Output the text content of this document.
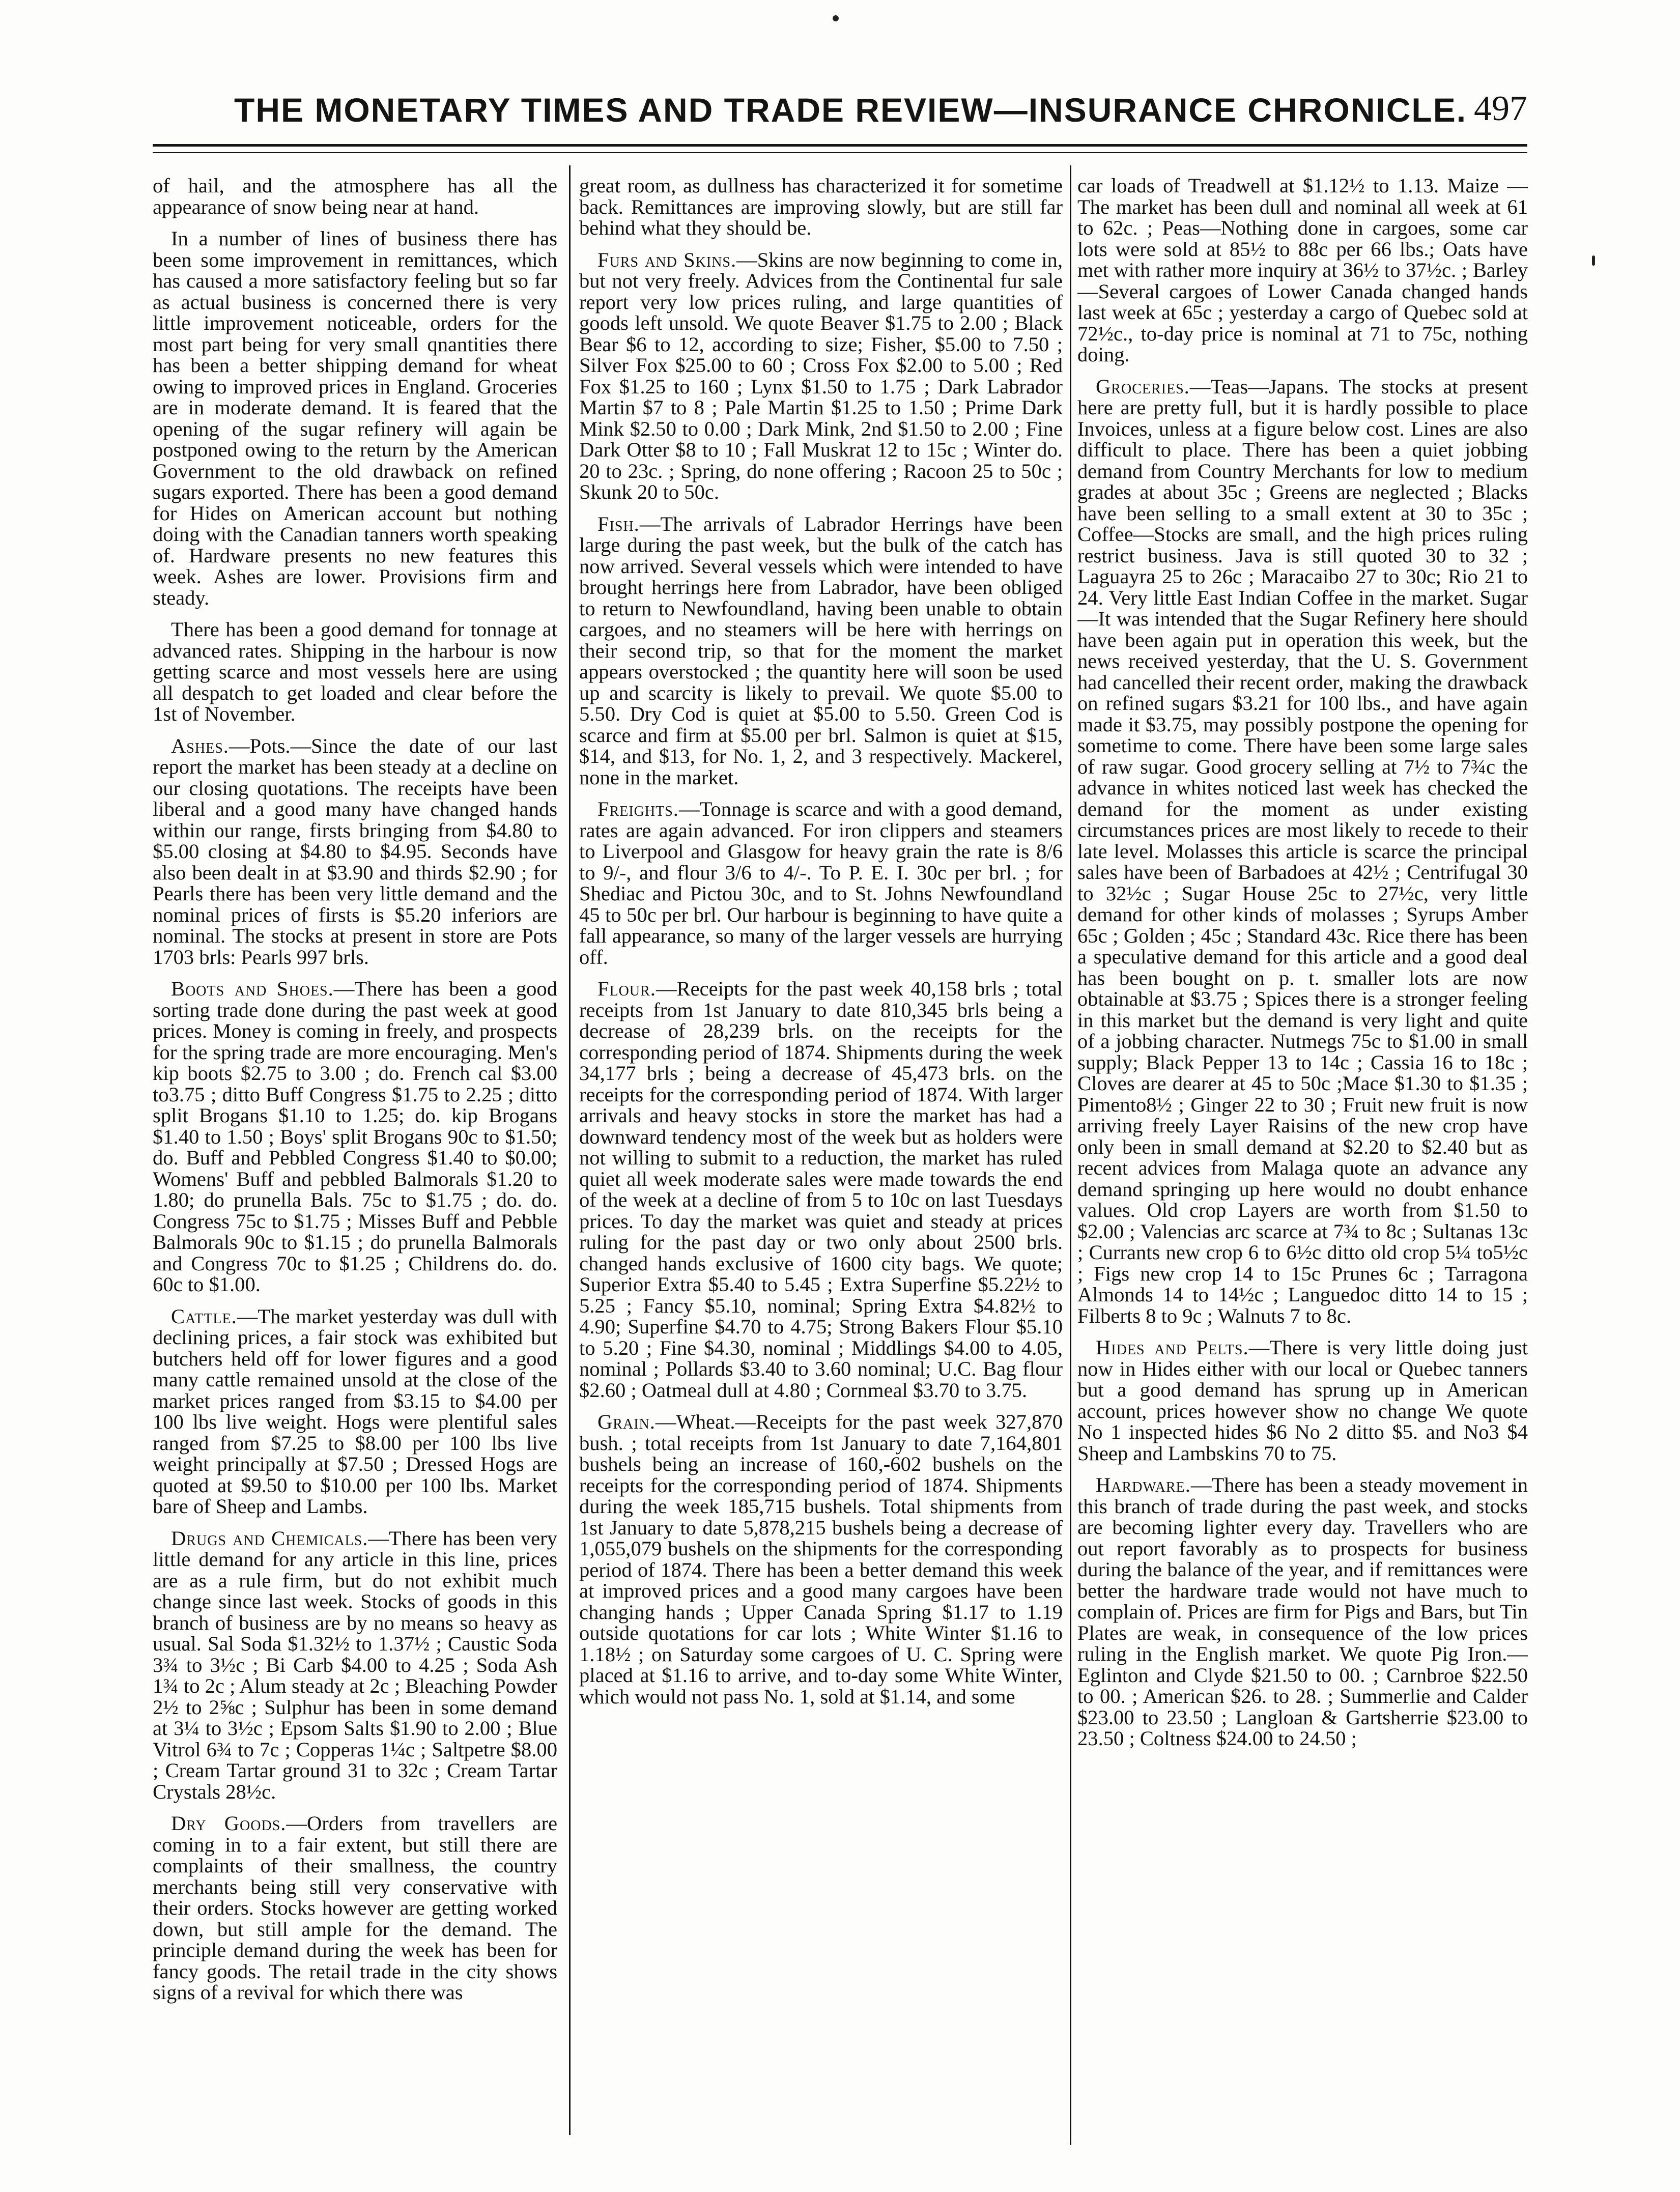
THE MONETARY TIMES AND TRADE REVIEW—INSURANCE CHRONICLE. 497

of hail, and the atmosphere has all the appearance of snow being near at hand.

In a number of lines of business there has been some improvement in remittances, which has caused a more satisfactory feeling but so far as actual business is concerned there is very little improvement noticeable, orders for the most part being for very small qnantities there has been a better shipping demand for wheat owing to improved prices in England. Groceries are in moderate demand. It is feared that the opening of the sugar refinery will again be postponed owing to the return by the American Government to the old drawback on refined sugars exported. There has been a good demand for Hides on American account but nothing doing with the Canadian tanners worth speaking of. Hardware presents no new features this week. Ashes are lower. Provisions firm and steady.

There has been a good demand for tonnage at advanced rates. Shipping in the harbour is now getting scarce and most vessels here are using all despatch to get loaded and clear before the 1st of November.

Ashes.—Pots.—Since the date of our last report the market has been steady at a decline on our closing quotations. The receipts have been liberal and a good many have changed hands within our range, firsts bringing from $4.80 to $5.00 closing at $4.80 to $4.95. Seconds have also been dealt in at $3.90 and thirds $2.90 ; for Pearls there has been very little demand and the nominal prices of firsts is $5.20 inferiors are nominal. The stocks at present in store are Pots 1703 brls: Pearls 997 brls.

Boots and Shoes.—There has been a good sorting trade done during the past week at good prices. Money is coming in freely, and prospects for the spring trade are more encouraging. Men's kip boots $2.75 to 3.00 ; do. French cal $3.00 to3.75 ; ditto Buff Congress $1.75 to 2.25 ; ditto split Brogans $1.10 to 1.25; do. kip Brogans $1.40 to 1.50 ; Boys' split Brogans 90c to $1.50; do. Buff and Pebbled Congress $1.40 to $0.00; Womens' Buff and pebbled Balmorals $1.20 to 1.80; do prunella Bals. 75c to $1.75 ; do. do. Congress 75c to $1.75 ; Misses Buff and Pebble Balmorals 90c to $1.15 ; do prunella Balmorals and Congress 70c to $1.25 ; Childrens do. do. 60c to $1.00.

Cattle.—The market yesterday was dull with declining prices, a fair stock was exhibited but butchers held off for lower figures and a good many cattle remained unsold at the close of the market prices ranged from $3.15 to $4.00 per 100 lbs live weight. Hogs were plentiful sales ranged from $7.25 to $8.00 per 100 lbs live weight principally at $7.50 ; Dressed Hogs are quoted at $9.50 to $10.00 per 100 lbs. Market bare of Sheep and Lambs.

Drugs and Chemicals.—There has been very little demand for any article in this line, prices are as a rule firm, but do not exhibit much change since last week. Stocks of goods in this branch of business are by no means so heavy as usual. Sal Soda $1.32½ to 1.37½ ; Caustic Soda 3¾ to 3½c ; Bi Carb $4.00 to 4.25 ; Soda Ash 1¾ to 2c ; Alum steady at 2c ; Bleaching Powder 2½ to 2⅝c ; Sulphur has been in some demand at 3¼ to 3½c ; Epsom Salts $1.90 to 2.00 ; Blue Vitrol 6¾ to 7c ; Copperas 1¼c ; Saltpetre $8.00 ; Cream Tartar ground 31 to 32c ; Cream Tartar Crystals 28½c.

Dry Goods.—Orders from travellers are coming in to a fair extent, but still there are complaints of their smallness, the country merchants being still very conservative with their orders. Stocks however are getting worked down, but still ample for the demand. The principle demand during the week has been for fancy goods. The retail trade in the city shows signs of a revival for which there was

great room, as dullness has characterized it for sometime back. Remittances are improving slowly, but are still far behind what they should be.

Furs and Skins.—Skins are now beginning to come in, but not very freely. Advices from the Continental fur sale report very low prices ruling, and large quantities of goods left unsold. We quote Beaver $1.75 to 2.00 ; Black Bear $6 to 12, according to size; Fisher, $5.00 to 7.50 ; Silver Fox $25.00 to 60 ; Cross Fox $2.00 to 5.00 ; Red Fox $1.25 to 160 ; Lynx $1.50 to 1.75 ; Dark Labrador Martin $7 to 8 ; Pale Martin $1.25 to 1.50 ; Prime Dark Mink $2.50 to 0.00 ; Dark Mink, 2nd $1.50 to 2.00 ; Fine Dark Otter $8 to 10 ; Fall Muskrat 12 to 15c ; Winter do. 20 to 23c. ; Spring, do none offering ; Racoon 25 to 50c ; Skunk 20 to 50c.

Fish.—The arrivals of Labrador Herrings have been large during the past week, but the bulk of the catch has now arrived. Several vessels which were intended to have brought herrings here from Labrador, have been obliged to return to Newfoundland, having been unable to obtain cargoes, and no steamers will be here with herrings on their second trip, so that for the moment the market appears overstocked ; the quantity here will soon be used up and scarcity is likely to prevail. We quote $5.00 to 5.50. Dry Cod is quiet at $5.00 to 5.50. Green Cod is scarce and firm at $5.00 per brl. Salmon is quiet at $15, $14, and $13, for No. 1, 2, and 3 respectively. Mackerel, none in the market.

Freights.—Tonnage is scarce and with a good demand, rates are again advanced. For iron clippers and steamers to Liverpool and Glasgow for heavy grain the rate is 8/6 to 9/-, and flour 3/6 to 4/-. To P. E. I. 30c per brl. ; for Shediac and Pictou 30c, and to St. Johns Newfoundland 45 to 50c per brl. Our harbour is beginning to have quite a fall appearance, so many of the larger vessels are hurrying off.

Flour.—Receipts for the past week 40,158 brls ; total receipts from 1st January to date 810,345 brls being a decrease of 28,239 brls. on the receipts for the corresponding period of 1874. Shipments during the week 34,177 brls ; being a decrease of 45,473 brls. on the receipts for the corresponding period of 1874. With larger arrivals and heavy stocks in store the market has had a downward tendency most of the week but as holders were not willing to submit to a reduction, the market has ruled quiet all week moderate sales were made towards the end of the week at a decline of from 5 to 10c on last Tuesdays prices. To day the market was quiet and steady at prices ruling for the past day or two only about 2500 brls. changed hands exclusive of 1600 city bags. We quote; Superior Extra $5.40 to 5.45 ; Extra Superfine $5.22½ to 5.25 ; Fancy $5.10, nominal; Spring Extra $4.82½ to 4.90; Superfine $4.70 to 4.75; Strong Bakers Flour $5.10 to 5.20 ; Fine $4.30, nominal ; Middlings $4.00 to 4.05, nominal ; Pollards $3.40 to 3.60 nominal; U.C. Bag flour $2.60 ; Oatmeal dull at 4.80 ; Cornmeal $3.70 to 3.75.

Grain.—Wheat.—Receipts for the past week 327,870 bush. ; total receipts from 1st January to date 7,164,801 bushels being an increase of 160,-602 bushels on the receipts for the corresponding period of 1874. Shipments during the week 185,715 bushels. Total shipments from 1st January to date 5,878,215 bushels being a decrease of 1,055,079 bushels on the shipments for the corresponding period of 1874. There has been a better demand this week at improved prices and a good many cargoes have been changing hands ; Upper Canada Spring $1.17 to 1.19 outside quotations for car lots ; White Winter $1.16 to 1.18½ ; on Saturday some cargoes of U. C. Spring were placed at $1.16 to arrive, and to-day some White Winter, which would not pass No. 1, sold at $1.14, and some

car loads of Treadwell at $1.12½ to 1.13. Maize —The market has been dull and nominal all week at 61 to 62c. ; Peas—Nothing done in cargoes, some car lots were sold at 85½ to 88c per 66 lbs.; Oats have met with rather more inquiry at 36½ to 37½c. ; Barley—Several cargoes of Lower Canada changed hands last week at 65c ; yesterday a cargo of Quebec sold at 72½c., to-day price is nominal at 71 to 75c, nothing doing.

Groceries.—Teas—Japans. The stocks at present here are pretty full, but it is hardly possible to place Invoices, unless at a figure below cost. Lines are also difficult to place. There has been a quiet jobbing demand from Country Merchants for low to medium grades at about 35c ; Greens are neglected ; Blacks have been selling to a small extent at 30 to 35c ; Coffee—Stocks are small, and the high prices ruling restrict business. Java is still quoted 30 to 32 ; Laguayra 25 to 26c ; Maracaibo 27 to 30c; Rio 21 to 24. Very little East Indian Coffee in the market. Sugar—It was intended that the Sugar Refinery here should have been again put in operation this week, but the news received yesterday, that the U. S. Government had cancelled their recent order, making the drawback on refined sugars $3.21 for 100 lbs., and have again made it $3.75, may possibly postpone the opening for sometime to come. There have been some large sales of raw sugar. Good grocery selling at 7½ to 7¾c the advance in whites noticed last week has checked the demand for the moment as under existing circumstances prices are most likely to recede to their late level. Molasses this article is scarce the principal sales have been of Barbadoes at 42½ ; Centrifugal 30 to 32½c ; Sugar House 25c to 27½c, very little demand for other kinds of molasses ; Syrups Amber 65c ; Golden ; 45c ; Standard 43c. Rice there has been a speculative demand for this article and a good deal has been bought on p. t. smaller lots are now obtainable at $3.75 ; Spices there is a stronger feeling in this market but the demand is very light and quite of a jobbing character. Nutmegs 75c to $1.00 in small supply; Black Pepper 13 to 14c ; Cassia 16 to 18c ; Cloves are dearer at 45 to 50c ;Mace $1.30 to $1.35 ; Pimento8½ ; Ginger 22 to 30 ; Fruit new fruit is now arriving freely Layer Raisins of the new crop have only been in small demand at $2.20 to $2.40 but as recent advices from Malaga quote an advance any demand springing up here would no doubt enhance values. Old crop Layers are worth from $1.50 to $2.00 ; Valencias arc scarce at 7¾ to 8c ; Sultanas 13c ; Currants new crop 6 to 6½c ditto old crop 5¼ to5½c ; Figs new crop 14 to 15c Prunes 6c ; Tarragona Almonds 14 to 14½c ; Languedoc ditto 14 to 15 ; Filberts 8 to 9c ; Walnuts 7 to 8c.

Hides and Pelts.—There is very little doing just now in Hides either with our local or Quebec tanners but a good demand has sprung up in American account, prices however show no change We quote No 1 inspected hides $6 No 2 ditto $5. and No3 $4 Sheep and Lambskins 70 to 75.

Hardware.—There has been a steady movement in this branch of trade during the past week, and stocks are becoming lighter every day. Travellers who are out report favorably as to prospects for business during the balance of the year, and if remittances were better the hardware trade would not have much to complain of. Prices are firm for Pigs and Bars, but Tin Plates are weak, in consequence of the low prices ruling in the English market. We quote Pig Iron.—Eglinton and Clyde $21.50 to 00. ; Carnbroe $22.50 to 00. ; American $26. to 28. ; Summerlie and Calder $23.00 to 23.50 ; Langloan & Gartsherrie $23.00 to 23.50 ; Coltness $24.00 to 24.50 ;
